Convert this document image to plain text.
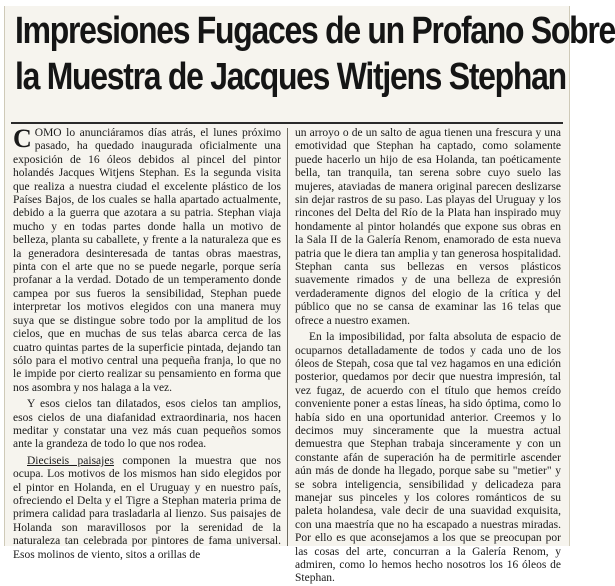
Impresiones Fugaces de un Profano Sobre
la Muestra de Jacques Witjens Stephan

COMO lo anunciáramos días atrás, el lunes próximo pasado, ha quedado inaugurada oficialmente una exposición de 16 óleos debidos al pincel del pintor holandés Jacques Witjens Stephan. Es la segunda visita que realiza a nuestra ciudad el excelente plástico de los Países Bajos, de los cuales se halla apartado actualmente, debido a la guerra que azotara a su patria. Stephan viaja mucho y en todas partes donde halla un motivo de belleza, planta su caballete, y frente a la naturaleza que es la generadora desinteresada de tantas obras maestras, pinta con el arte que no se puede negarle, porque sería profanar a la verdad. Dotado de un temperamento donde campea por sus fueros la sensibilidad, Stephan puede interpretar los motivos elegidos con una manera muy suya que se distingue sobre todo por la amplitud de los cielos, que en muchas de sus telas abarca cerca de las cuatro quintas partes de la superficie pintada, dejando tan sólo para el motivo central una pequeña franja, lo que no le impide por cierto realizar su pensamiento en forma que nos asombra y nos halaga a la vez.

Y esos cielos tan dilatados, esos cielos tan amplios, esos cielos de una diafanidad extraordinaria, nos hacen meditar y constatar una vez más cuan pequeños somos ante la grandeza de todo lo que nos rodea.

Dieciseis paisajes componen la muestra que nos ocupa. Los motivos de los mismos han sido elegidos por el pintor en Holanda, en el Uruguay y en nuestro país, ofreciendo el Delta y el Tigre a Stephan materia prima de primera calidad para trasladarla al lienzo. Sus paisajes de Holanda son maravillosos por la serenidad de la naturaleza tan celebrada por pintores de fama universal. Esos molinos de viento, sitos a orillas de

un arroyo o de un salto de agua tienen una frescura y una emotividad que Stephan ha captado, como solamente puede hacerlo un hijo de esa Holanda, tan poéticamente bella, tan tranquila, tan serena sobre cuyo suelo las mujeres, ataviadas de manera original parecen deslizarse sin dejar rastros de su paso. Las playas del Uruguay y los rincones del Delta del Río de la Plata han inspirado muy hondamente al pintor holandés que expone sus obras en la Sala II de la Galería Renom, enamorado de esta nueva patria que le diera tan amplia y tan generosa hospitalidad. Stephan canta sus bellezas en versos plásticos suavemente rimados y de una belleza de expresión verdaderamente dignos del elogio de la crítica y del público que no se cansa de examinar las 16 telas que ofrece a nuestro examen.

En la imposibilidad, por falta absoluta de espacio de ocuparnos detalladamente de todos y cada uno de los óleos de Stepah, cosa que tal vez hagamos en una edición posterior, quedamos por decir que nuestra impresión, tal vez fugaz, de acuerdo con el título que hemos creído conveniente poner a estas líneas, ha sido óptima, como lo había sido en una oportunidad anterior. Creemos y lo decimos muy sinceramente que la muestra actual demuestra que Stephan trabaja sinceramente y con un constante afán de superación ha de permitirle ascender aún más de donde ha llegado, porque sabe su "metier" y se sobra inteligencia, sensibilidad y delicadeza para manejar sus pinceles y los colores románticos de su paleta holandesa, vale decir de una suavidad exquisita, con una maestría que no ha escapado a nuestras miradas. Por ello es que aconsejamos a los que se preocupan por las cosas del arte, concurran a la Galería Renom, y admiren, como lo hemos hecho nosotros los 16 óleos de Stephan.
